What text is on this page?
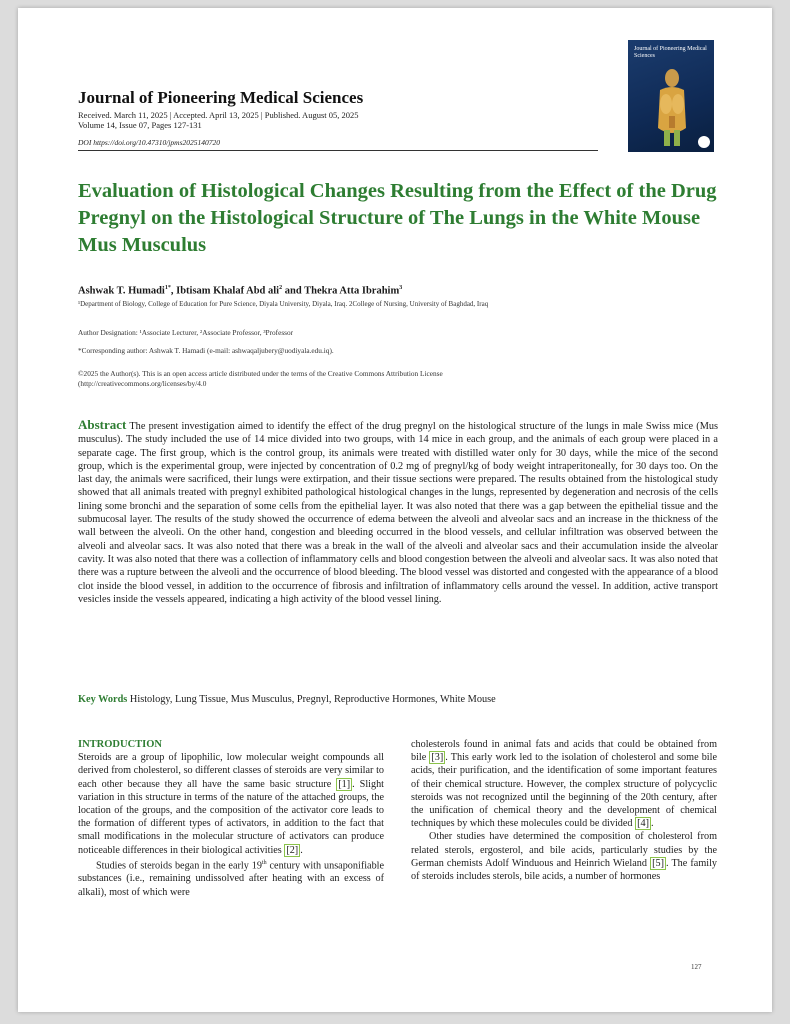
Journal of Pioneering Medical Sciences
Received. March 11, 2025 | Accepted. April 13, 2025 | Published. August 05, 2025
Volume 14, Issue 07, Pages 127-131
DOI https://doi.org/10.47310/jpms2025140720
Journal of Pioneering Medical Sciences
Evaluation of Histological Changes Resulting from the Effect of the Drug Pregnyl on the Histological Structure of The Lungs in the White Mouse Mus Musculus
Ashwak T. Humadi$^{1*}$, Ibtisam Khalaf Abd ali$^2$ and Thekra Atta Ibrahim$^3$
¹Department of Biology, College of Education for Pure Science, Diyala University, Diyala, Iraq. 2College of Nursing, University of Baghdad, Iraq
Author Designation: ¹Associate Lecturer, ²Associate Professor, ³Professor
*Corresponding author: Ashwak T. Hamadi (e-mail: ashwaqaljubery@uodiyala.edu.iq).
©2025 the Author(s). This is an open access article distributed under the terms of the Creative Commons Attribution License
(http://creativecommons.org/licenses/by/4.0
Abstract The present investigation aimed to identify the effect of the drug pregnyl on the histological structure of the lungs in male Swiss mice (Mus musculus). The study included the use of 14 mice divided into two groups, with 14 mice in each group, and the animals of each group were placed in a separate cage. The first group, which is the control group, its animals were treated with distilled water only for 30 days, while the mice of the second group, which is the experimental group, were injected by concentration of 0.2 mg of pregnyl/kg of body weight intraperitoneally, for 30 days too. On the last day, the animals were sacrificed, their lungs were extirpation, and their tissue sections were prepared. The results obtained from the histological study showed that all animals treated with pregnyl exhibited pathological histological changes in the lungs, represented by degeneration and necrosis of the cells lining some bronchi and the separation of some cells from the epithelial layer. It was also noted that there was a gap between the epithelial tissue and the submucosal layer. The results of the study showed the occurrence of edema between the alveoli and alveolar sacs and an increase in the thickness of the wall between the alveoli. On the other hand, congestion and bleeding occurred in the blood vessels, and cellular infiltration was observed between the alveoli and alveolar sacs. It was also noted that there was a break in the wall of the alveoli and alveolar sacs and their accumulation inside the alveolar cavity. It was also noted that there was a collection of inflammatory cells and blood congestion between the alveoli and alveolar sacs. It was also noted that there was a rupture between the alveoli and the occurrence of blood bleeding. The blood vessel was distorted and congested with the appearance of a blood clot inside the blood vessel, in addition to the occurrence of fibrosis and infiltration of inflammatory cells around the vessel. In addition, active transport vesicles inside the vessels appeared, indicating a high activity of the blood vessel lining.
Key Words Histology, Lung Tissue, Mus Musculus, Pregnyl, Reproductive Hormones, White Mouse
INTRODUCTION

Steroids are a group of lipophilic, low molecular weight compounds all derived from cholesterol, so different classes of steroids are very similar to each other because they all have the same basic structure [1] . Slight variation in this structure in terms of the nature of the attached groups, the location of the groups, and the composition of the activator core leads to the formation of different types of activators, in addition to the fact that small modifications in the molecular structure of activators can produce noticeable differences in their biological activities [2] .

Studies of steroids began in the early 19th century with unsaponifiable substances (i.e., remaining undissolved after heating with an excess of alkali), most of which were

cholesterols found in animal fats and acids that could be obtained from bile [3] . This early work led to the isolation of cholesterol and some bile acids, their purification, and the identification of some important features of their chemical structure. However, the complex structure of polycyclic steroids was not recognized until the beginning of the 20th century, after the unification of chemical theory and the development of chemical techniques by which these molecules could be divided [4] .

Other studies have determined the composition of cholesterol from related sterols, ergosterol, and bile acids, particularly studies by the German chemists Adolf Winduous and Heinrich Wieland [5] . The family of steroids includes sterols, bile acids, a number of hormones

127
